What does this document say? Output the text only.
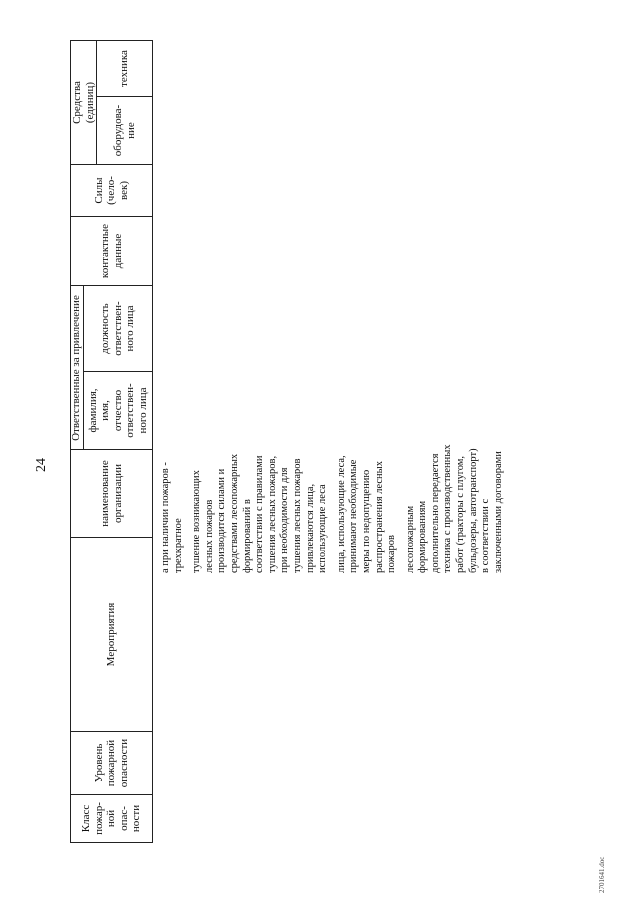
24
Класс пожар- ной опас- ности
Уровень пожарной опасности
Мероприятия
Ответственные за привлечение
наименование организации
фамилия, имя, отчество ответствен- ного лица
должность ответствен- ного лица
контактные данные
Силы (чело- век)
Средства (единиц)
оборудова- ние
техника
а при наличии пожаров - трехкратное тушение возникающих лесных пожаров производится силами и средствами лесопожарных формирований в соответствии с правилами тушения лесных пожаров, при необходимости для тушения лесных пожаров привлекаются лица, использующие леса лица, использующие леса, принимают необходимые меры по недопущению распространения лесных пожаров лесопожарным формированиям дополнительно передается техника с производственных работ (тракторы с плугом, бульдозеры, автотранспорт) в соответствии с заключенными договорами
2701641.doc
